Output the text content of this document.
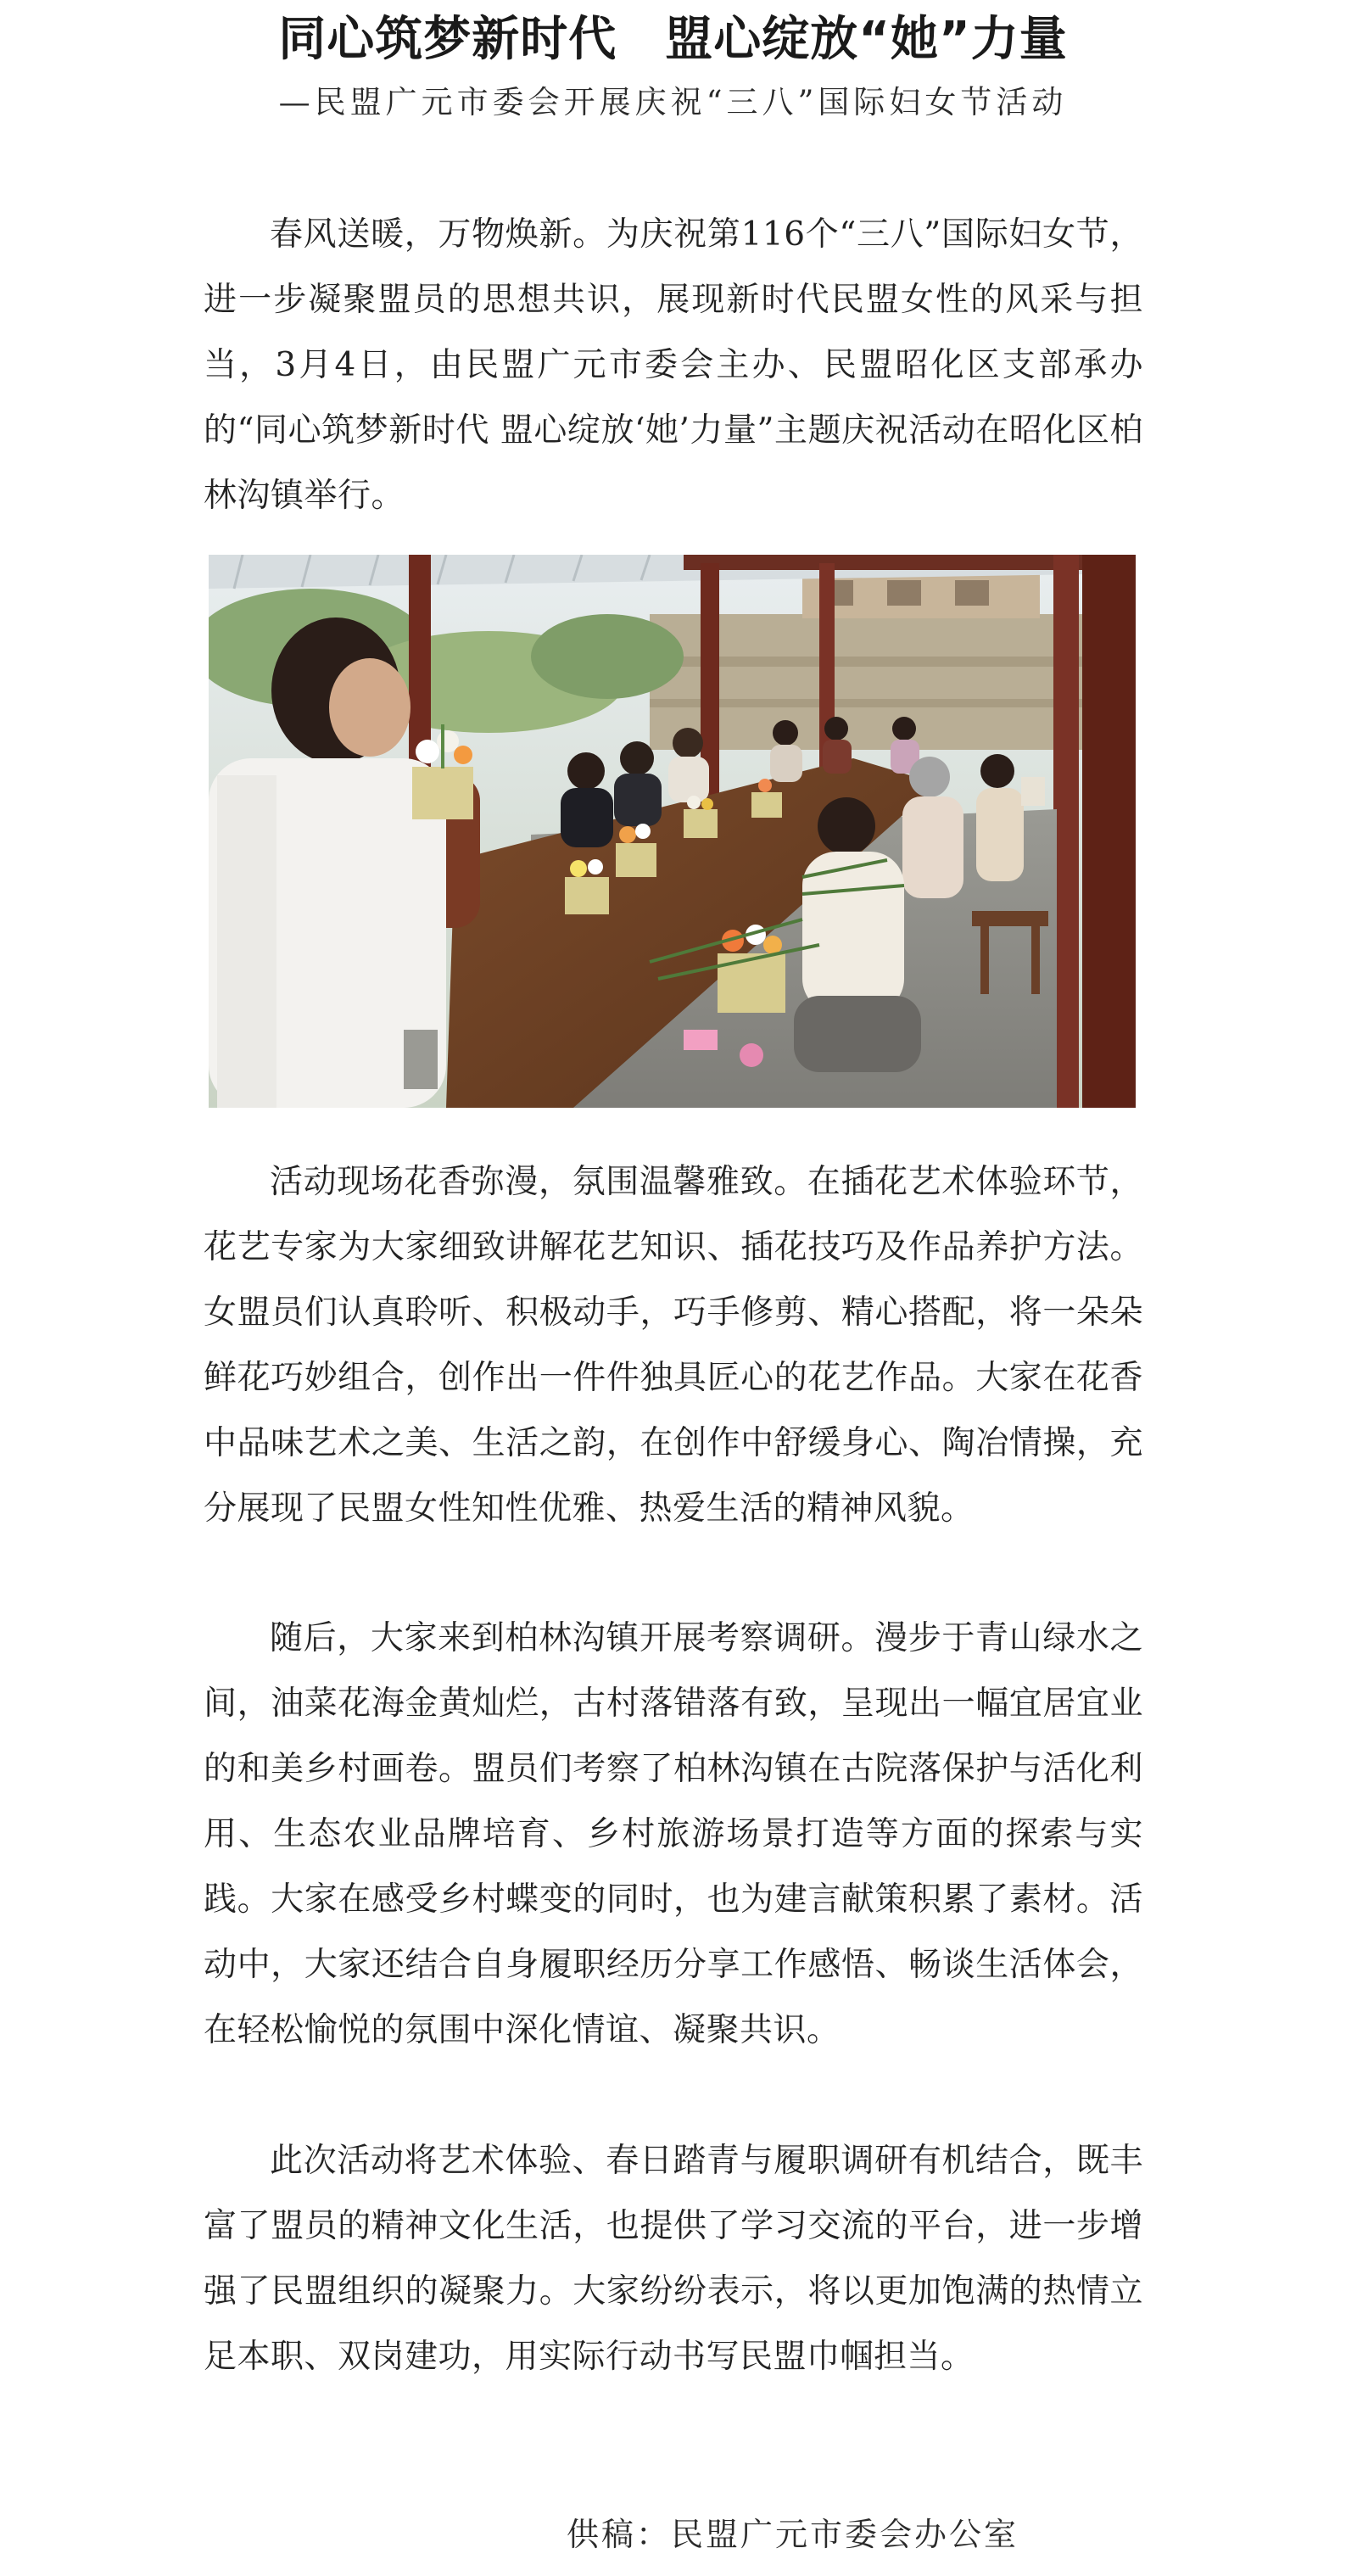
同心筑梦新时代　盟心绽放“她”力量
—民盟广元市委会开展庆祝“三八”国际妇女节活动

春风送暖，万物焕新。为庆祝第116个“三八”国际妇女节，进一步凝聚盟员的思想共识，展现新时代民盟女性的风采与担当，3月4日，由民盟广元市委会主办、民盟昭化区支部承办的“同心筑梦新时代 盟心绽放‘她’力量”主题庆祝活动在昭化区柏林沟镇举行。

活动现场花香弥漫，氛围温馨雅致。在插花艺术体验环节，花艺专家为大家细致讲解花艺知识、插花技巧及作品养护方法。女盟员们认真聆听、积极动手，巧手修剪、精心搭配，将一朵朵鲜花巧妙组合，创作出一件件独具匠心的花艺作品。大家在花香中品味艺术之美、生活之韵，在创作中舒缓身心、陶冶情操，充分展现了民盟女性知性优雅、热爱生活的精神风貌。

随后，大家来到柏林沟镇开展考察调研。漫步于青山绿水之间，油菜花海金黄灿烂，古村落错落有致，呈现出一幅宜居宜业的和美乡村画卷。盟员们考察了柏林沟镇在古院落保护与活化利用、生态农业品牌培育、乡村旅游场景打造等方面的探索与实践。大家在感受乡村蝶变的同时，也为建言献策积累了素材。活动中，大家还结合自身履职经历分享工作感悟、畅谈生活体会，在轻松愉悦的氛围中深化情谊、凝聚共识。

此次活动将艺术体验、春日踏青与履职调研有机结合，既丰富了盟员的精神文化生活，也提供了学习交流的平台，进一步增强了民盟组织的凝聚力。大家纷纷表示，将以更加饱满的热情立足本职、双岗建功，用实际行动书写民盟巾帼担当。

供稿：民盟广元市委会办公室
